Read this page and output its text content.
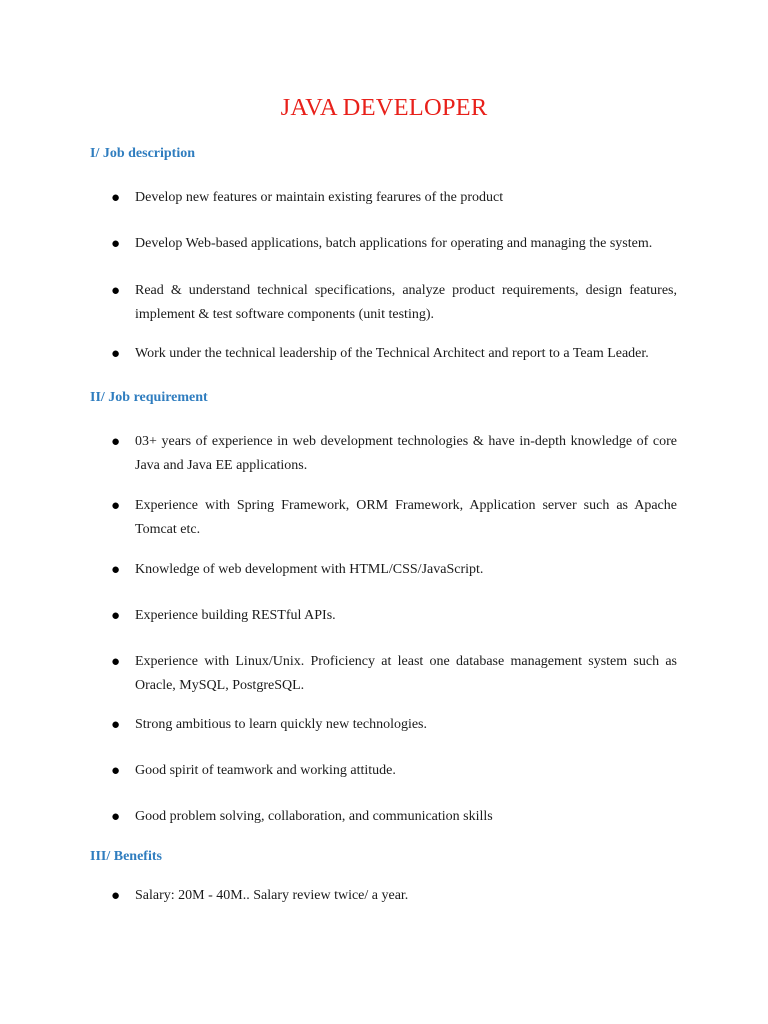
JAVA DEVELOPER
I/ Job description
●	Develop new features or maintain existing fearures of the product
●	Develop Web-based applications, batch applications for operating and managing the system.
●	Read & understand technical specifications, analyze product requirements, design features, implement & test software components (unit testing).
●	Work under the technical leadership of the Technical Architect and report to a Team Leader.
II/ Job requirement
●	03+ years of experience in web development technologies & have in-depth knowledge of core Java and Java EE applications.
●	Experience with Spring Framework, ORM Framework, Application server such as Apache Tomcat etc.
●	Knowledge of web development with HTML/CSS/JavaScript.
●	Experience building RESTful APIs.
●	Experience with Linux/Unix. Proficiency at least one database management system such as Oracle, MySQL, PostgreSQL.
●	Strong ambitious to learn quickly new technologies.
●	Good spirit of teamwork and working attitude.
●	Good problem solving, collaboration, and communication skills
III/ Benefits
●	Salary: 20M - 40M.. Salary review twice/ a year.
